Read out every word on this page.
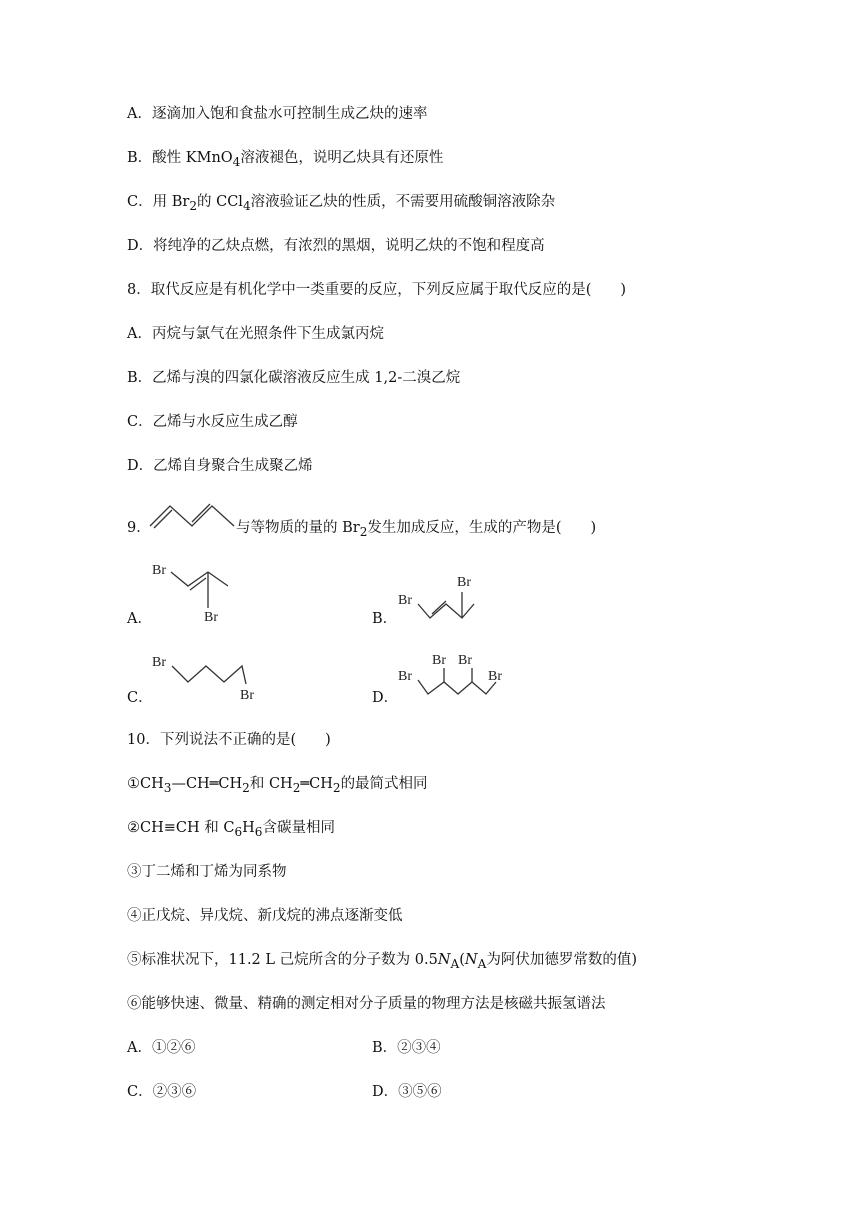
A．逐滴加入饱和食盐水可控制生成乙炔的速率
B．酸性 KMnO$_4$溶液褪色，说明乙炔具有还原性
C．用 $Br_2$的 CCl$_4$溶液验证乙炔的性质，不需要用硫酸铜溶液除杂
D．将纯净的乙炔点燃，有浓烈的黑烟，说明乙炔的不饱和程度高
8．取代反应是有机化学中一类重要的反应，下列反应属于取代反应的是(　　)
A．丙烷与氯气在光照条件下生成氯丙烷
B．乙烯与溴的四氯化碳溶液反应生成 1,2-二溴乙烷
C．乙烯与水反应生成乙醇
D．乙烯自身聚合生成聚乙烯
9．	与等物质的量的 $Br_2$发生加成反应，生成的产物是(　　)
A．
Br
Br	B．
Br
Br
C．
Br
Br	D．
Br
Br Br
Br
10．下列说法不正确的是(　　)
$①CH_3—CH═CH_2$和 $CH_2═CH_2$的最简式相同
②CH≡CH 和 $C_6H_6$含碳量相同
③丁二烯和丁烯为同系物
④正戊烷、异戊烷、新戊烷的沸点逐渐变低
⑤标准状况下，11.2 L 己烷所含的分子数为 $0.5N_A(N_A$为阿伏加德罗常数的值)
⑥能够快速、微量、精确的测定相对分子质量的物理方法是核磁共振氢谱法
A．①②⑥	B．②③④
C．②③⑥	D．③⑤⑥
